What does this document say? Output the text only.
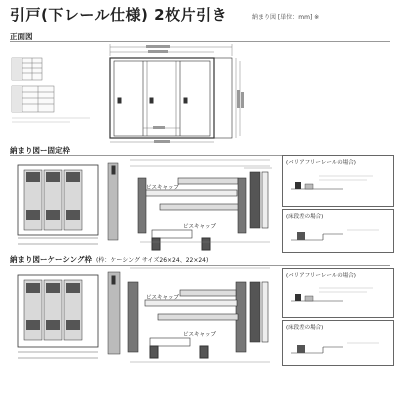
引戸(下レール仕様) 2枚片引き	納まり図 [単位：mm] ※
正面図
納まり図ー固定枠
ビスキャップ
ビスキャップ
(バリアフリーレールの場合)
(床段差の場合)
納まり図ーケーシング枠 (枠：ケーシング サイズ26×24、22×24)
ビスキャップ
ビスキャップ
(バリアフリーレールの場合)
(床段差の場合)
